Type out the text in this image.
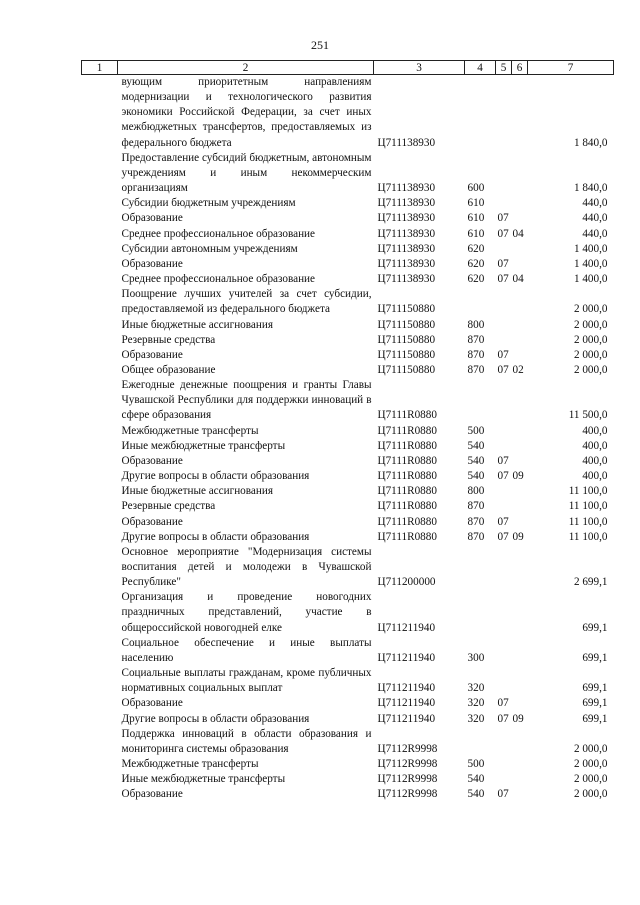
251
1	2	3	4	5	6	7
	вующим приоритетным направлениям модернизации и технологического развития экономики Российской Федерации, за счет иных межбюджетных трансфертов, предоставляемых из федерального бюджета	Ц711138930				1 840,0
	Предоставление субсидий бюджетным, автономным учреждениям и иным некоммерческим организациям	Ц711138930	600			1 840,0
	Субсидии бюджетным учреждениям	Ц711138930	610			440,0
	Образование	Ц711138930	610	07		440,0
	Среднее профессиональное образование	Ц711138930	610	07	04	440,0
	Субсидии автономным учреждениям	Ц711138930	620			1 400,0
	Образование	Ц711138930	620	07		1 400,0
	Среднее профессиональное образование	Ц711138930	620	07	04	1 400,0
	Поощрение лучших учителей за счет субсидии, предоставляемой из федерального бюджета	Ц711150880				2 000,0
	Иные бюджетные ассигнования	Ц711150880	800			2 000,0
	Резервные средства	Ц711150880	870			2 000,0
	Образование	Ц711150880	870	07		2 000,0
	Общее образование	Ц711150880	870	07	02	2 000,0
	Ежегодные денежные поощрения и гранты Главы Чувашской Республики для поддержки инноваций в сфере образования	Ц7111R0880				11 500,0
	Межбюджетные трансферты	Ц7111R0880	500			400,0
	Иные межбюджетные трансферты	Ц7111R0880	540			400,0
	Образование	Ц7111R0880	540	07		400,0
	Другие вопросы в области образования	Ц7111R0880	540	07	09	400,0
	Иные бюджетные ассигнования	Ц7111R0880	800			11 100,0
	Резервные средства	Ц7111R0880	870			11 100,0
	Образование	Ц7111R0880	870	07		11 100,0
	Другие вопросы в области образования	Ц7111R0880	870	07	09	11 100,0
	Основное мероприятие "Модернизация системы воспитания детей и молодежи в Чувашской Республике"	Ц711200000				2 699,1
	Организация и проведение новогодних праздничных представлений, участие в общероссийской новогодней елке	Ц711211940				699,1
	Социальное обеспечение и иные выплаты населению	Ц711211940	300			699,1
	Социальные выплаты гражданам, кроме публичных нормативных социальных выплат	Ц711211940	320			699,1
	Образование	Ц711211940	320	07		699,1
	Другие вопросы в области образования	Ц711211940	320	07	09	699,1
	Поддержка инноваций в области образования и мониторинга системы образования	Ц7112R9998				2 000,0
	Межбюджетные трансферты	Ц7112R9998	500			2 000,0
	Иные межбюджетные трансферты	Ц7112R9998	540			2 000,0
	Образование	Ц7112R9998	540	07		2 000,0
